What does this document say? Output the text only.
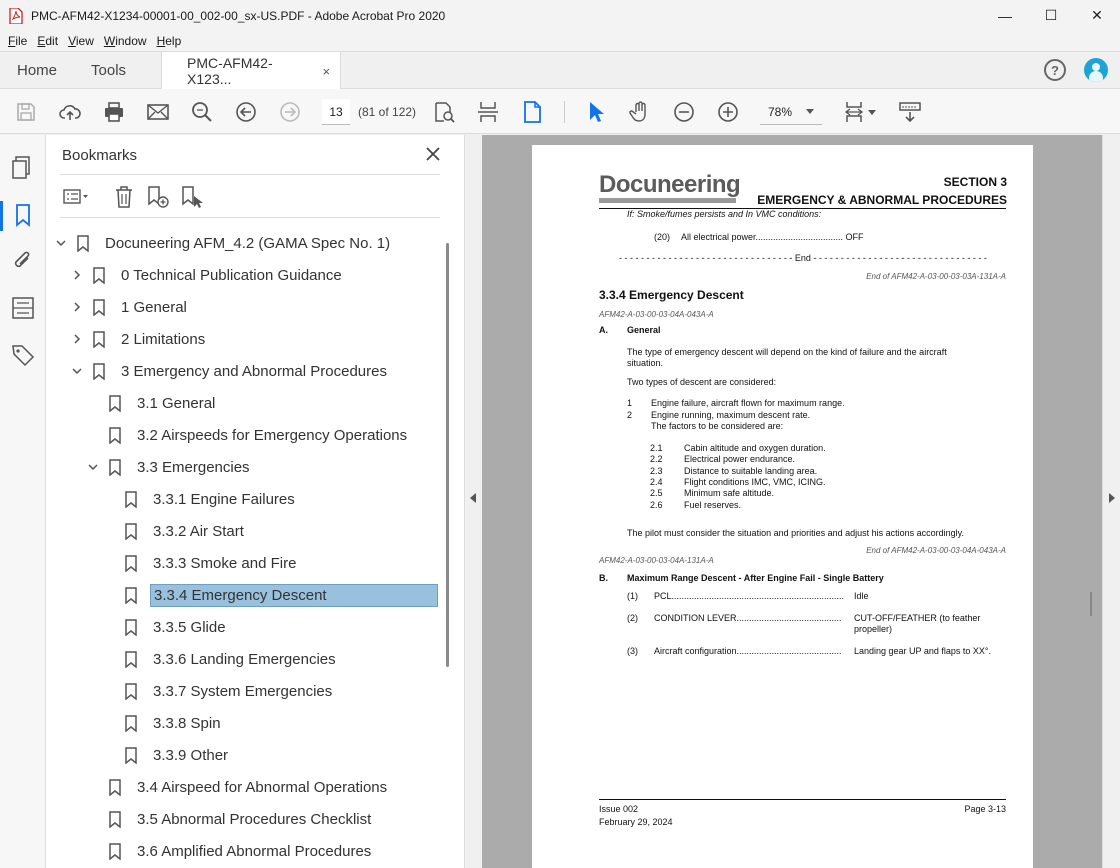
PMC-AFM42-X1234-00001-00_002-00_sx-US.PDF - Adobe Acrobat Pro 2020	— ☐ ✕
File Edit View Window Help
Home	Tools	PMC-AFM42-X123...	×	?
13	(81 of 122)	78%
Bookmarks
Docuneering AFM_4.2 (GAMA Spec No. 1)
0 Technical Publication Guidance
1 General
2 Limitations
3 Emergency and Abnormal Procedures
3.1 General
3.2 Airspeeds for Emergency Operations
3.3 Emergencies
3.3.1 Engine Failures
3.3.2 Air Start
3.3.3 Smoke and Fire
3.3.4 Emergency Descent
3.3.5 Glide
3.3.6 Landing Emergencies
3.3.7 System Emergencies
3.3.8 Spin
3.3.9 Other
3.4 Airspeed for Abnormal Operations
3.5 Abnormal Procedures Checklist
3.6 Amplified Abnormal Procedures
Docuneering	SECTION 3
EMERGENCY & ABNORMAL PROCEDURES
If: Smoke/fumes persists and In VMC conditions:
(20) All electrical power................................... OFF
- - - - - - - - - - - - - - - - - - - - - - - - - - - - - - - - End - - - - - - - - - - - - - - - - - - - - - - - - - - - - - - - -
End of AFM42-A-03-00-03-03A-131A-A
3.3.4 Emergency Descent
AFM42-A-03-00-03-04A-043A-A
A. General
The type of emergency descent will depend on the kind of failure and the aircraft
situation.
Two types of descent are considered:
1 Engine failure, aircraft flown for maximum range.
2 Engine running, maximum descent rate.
The factors to be considered are:
2.1 Cabin altitude and oxygen duration.
2.2 Electrical power endurance.
2.3 Distance to suitable landing area.
2.4 Flight conditions IMC, VMC, ICING.
2.5 Minimum safe altitude.
2.6 Fuel reserves.
The pilot must consider the situation and priorities and adjust his actions accordingly.
End of AFM42-A-03-00-03-04A-043A-A
AFM42-A-03-00-03-04A-131A-A
B. Maximum Range Descent - After Engine Fail - Single Battery
(1) PCL..................................................................... Idle
(2) CONDITION LEVER.......................................... CUT-OFF/FEATHER (to feather
propeller)
(3) Aircraft configuration.......................................... Landing gear UP and flaps to XX°.
Issue 002
February 29, 2024
Page 3-13
